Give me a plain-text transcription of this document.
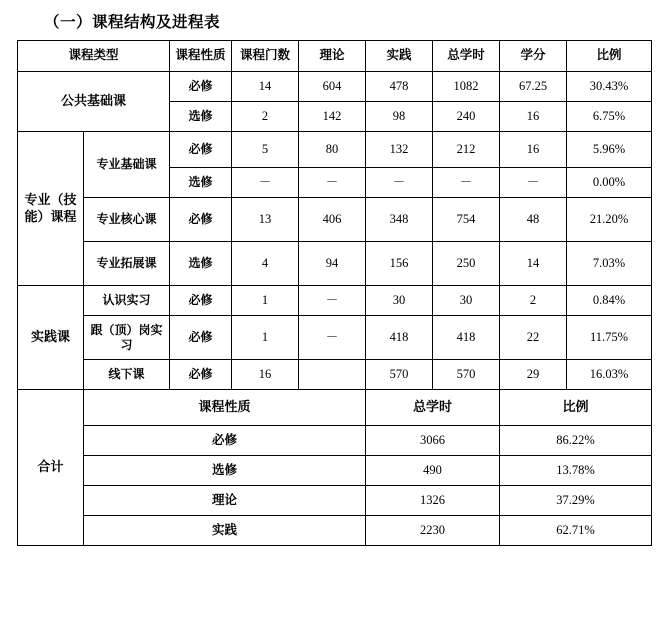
（一）课程结构及进程表
课程类型		课程性质	课程门数	理论	实践	总学时	学分	比例
公共基础课		必修	14	604	478	1082	67.25	30.43%
		选修	2	142	98	240	16	6.75%
专业（技能）课程	专业基础课	必修	5	80	132	212	16	5.96%
		选修	－	－	－	－	－	0.00%
	专业核心课	必修	13	406	348	754	48	21.20%
	专业拓展课	选修	4	94	156	250	14	7.03%
实践课	认识实习	必修	1	－	30	30	2	0.84%
	跟（顶）岗实习	必修	1	－	418	418	22	11.75%
	线下课	必修	16		570	570	29	16.03%
合计	课程性质				总学时		比例	
	必修				3066		86.22%	
	选修				490		13.78%	
	理论				1326		37.29%	
	实践				2230		62.71%	
